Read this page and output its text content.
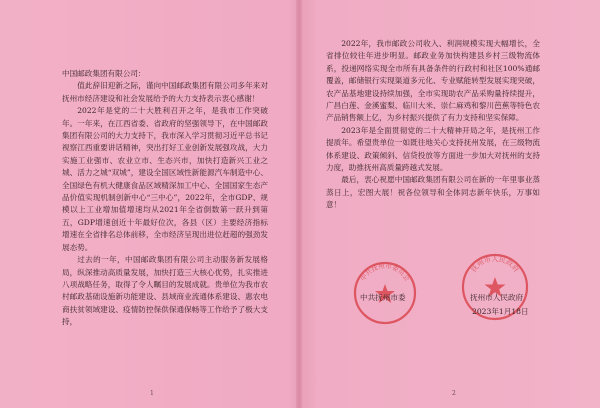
中国邮政集团有限公司：

值此辞旧迎新之际，谨向中国邮政集团有限公司多年来对抚州市经济建设和社会发展给予的大力支持表示衷心感谢！

2022年是党的二十大胜利召开之年，是我市工作突破年。一年来，在江西省委、省政府的坚强领导下，在中国邮政集团有限公司的大力支持下，我市深入学习贯彻习近平总书记视察江西重要讲话精神，突出打好工业创新发展强攻战，大力实施工业强市、农业立市、生态兴市，加快打造新兴工业之城、活力之城“双城”，建设全国区域性新能源汽车制造中心、全国绿色有机大健康食品区域精深加工中心、全国国家生态产品价值实现机制创新中心“三中心”，2022年，全市GDP、规模以上工业增加值增速均从2021年全省倒数第一跃升到第五，GDP增速创近十年最好位次，各县（区）主要经济指标增速在全省排名总体前移，全市经济呈现出进位赶超的强劲发展态势。

过去的一年，中国邮政集团有限公司主动服务新发展格局，纵深推动高质量发展，加快打造三大核心优势，扎实推进八项战略任务，取得了令人瞩目的发展成就。贵单位为我市农村邮政基础设施新功能建设、县域商业流通体系建设、惠农电商扶贫领域建设、疫情防控保供保通保畅等工作给予了极大支持，

1

2022年，我市邮政公司收入、利润规模实现大幅增长，全省排位较往年进步明显。邮政业务加快构建县乡村三级物流体系，投递网络实现全市所有具备条件的行政村和社区100%通邮覆盖，邮储银行实现渠道多元化、专业赋能转型发展实现突破，农产品基地建设持续加强，全市实现助农产品采购量持续提升，广昌白莲、金溪蜜梨、临川大米、崇仁麻鸡和黎川芭蕉等特色农产品销售额上亿，为乡村振兴提供了有力支持和坚实保障。

2023年是全面贯彻党的二十大精神开局之年，是抚州工作提质年。希望贵单位一如既往地关心支持抚州发展，在三级物流体系建设、政策倾斜、信贷投放等方面进一步加大对抚州的支持力度，助推抚州高质量跨越式发展。

最后，衷心祝愿中国邮政集团有限公司在新的一年里事业蒸蒸日上，宏图大展！祝各位领导和全体同志新年快乐，万事如意！

中共抚州市委员会
抚州市人民政府
中共抚州市委	抚州市人民政府
2023年1月18日
2
